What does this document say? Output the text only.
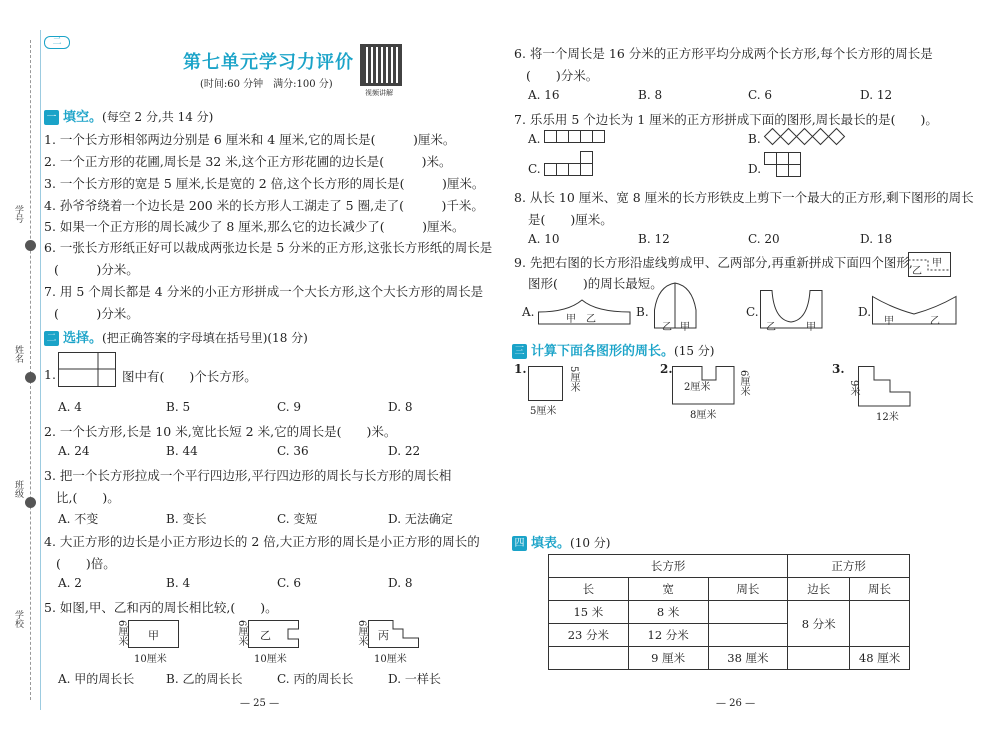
二
学号
姓名
班级
学校
第七单元学习力评价
(时间:60 分钟　满分:100 分)
视频讲解
一 填空。(每空 2 分,共 14 分)
1. 一个长方形相邻两边分别是 6 厘米和 4 厘米,它的周长是(　　　)厘米。
2. 一个正方形的花圃,周长是 32 米,这个正方形花圃的边长是(　　　)米。
3. 一个长方形的宽是 5 厘米,长是宽的 2 倍,这个长方形的周长是(　　　)厘米。
4. 孙爷爷绕着一个边长是 200 米的长方形人工湖走了 5 圈,走了(　　　)千米。
5. 如果一个正方形的周长减少了 8 厘米,那么它的边长减少了(　　　)厘米。
6. 一张长方形纸正好可以裁成两张边长是 5 分米的正方形,这张长方形纸的周长是
(　　　)分米。
7. 用 5 个周长都是 4 分米的小正方形拼成一个大长方形,这个大长方形的周长是
(　　　)分米。
二 选择。(把正确答案的字母填在括号里)(18 分)
1.	图中有(　　)个长方形。
A. 4	B. 5	C. 9	D. 8
2. 一个长方形,长是 10 米,宽比长短 2 米,它的周长是(　　)米。
A. 24	B. 44	C. 36	D. 22
3. 把一个长方形拉成一个平行四边形,平行四边形的周长与长方形的周长相
比,(　　)。
A. 不变	B. 变长	C. 变短	D. 无法确定
4. 大正方形的边长是小正方形边长的 2 倍,大正方形的周长是小正方形的周长的
(　　)倍。
A. 2	B. 4	C. 6	D. 8
5. 如图,甲、乙和丙的周长相比较,(　　)。
甲
6厘米
10厘米
乙
6厘米
10厘米
丙
6厘米
10厘米
A. 甲的周长长	B. 乙的周长长	C. 丙的周长长	D. 一样长
— 25 —
6. 将一个周长是 16 分米的正方形平均分成两个长方形,每个长方形的周长是
(　　)分米。
A. 16	B. 8	C. 6	D. 12
7. 乐乐用 5 个边长为 1 厘米的正方形拼成下面的图形,周长最长的是(　　)。
A.	B.
C.	D.
8. 从长 10 厘米、宽 8 厘米的长方形铁皮上剪下一个最大的正方形,剩下图形的周长
是(　　)厘米。
A. 10	B. 12	C. 20	D. 18
9. 先把右图的长方形沿虚线剪成甲、乙两部分,再重新拼成下面四个图形,
图形(　　)的周长最短。
乙
甲
A.
甲 乙
B.
乙 甲
C.
乙	甲
D.
甲	乙
三 计算下面各图形的周长。(15 分)
1.	5厘米
5厘米
2.
2厘米	6厘米
8厘米
3.
9米
12米
四 填表。(10 分)
长方形			正方形	
长	宽	周长	边长	周长
15 米	8 米		8 分米	
23 分米	12 分米			
	9 厘米	38 厘米		48 厘米
— 26 —
